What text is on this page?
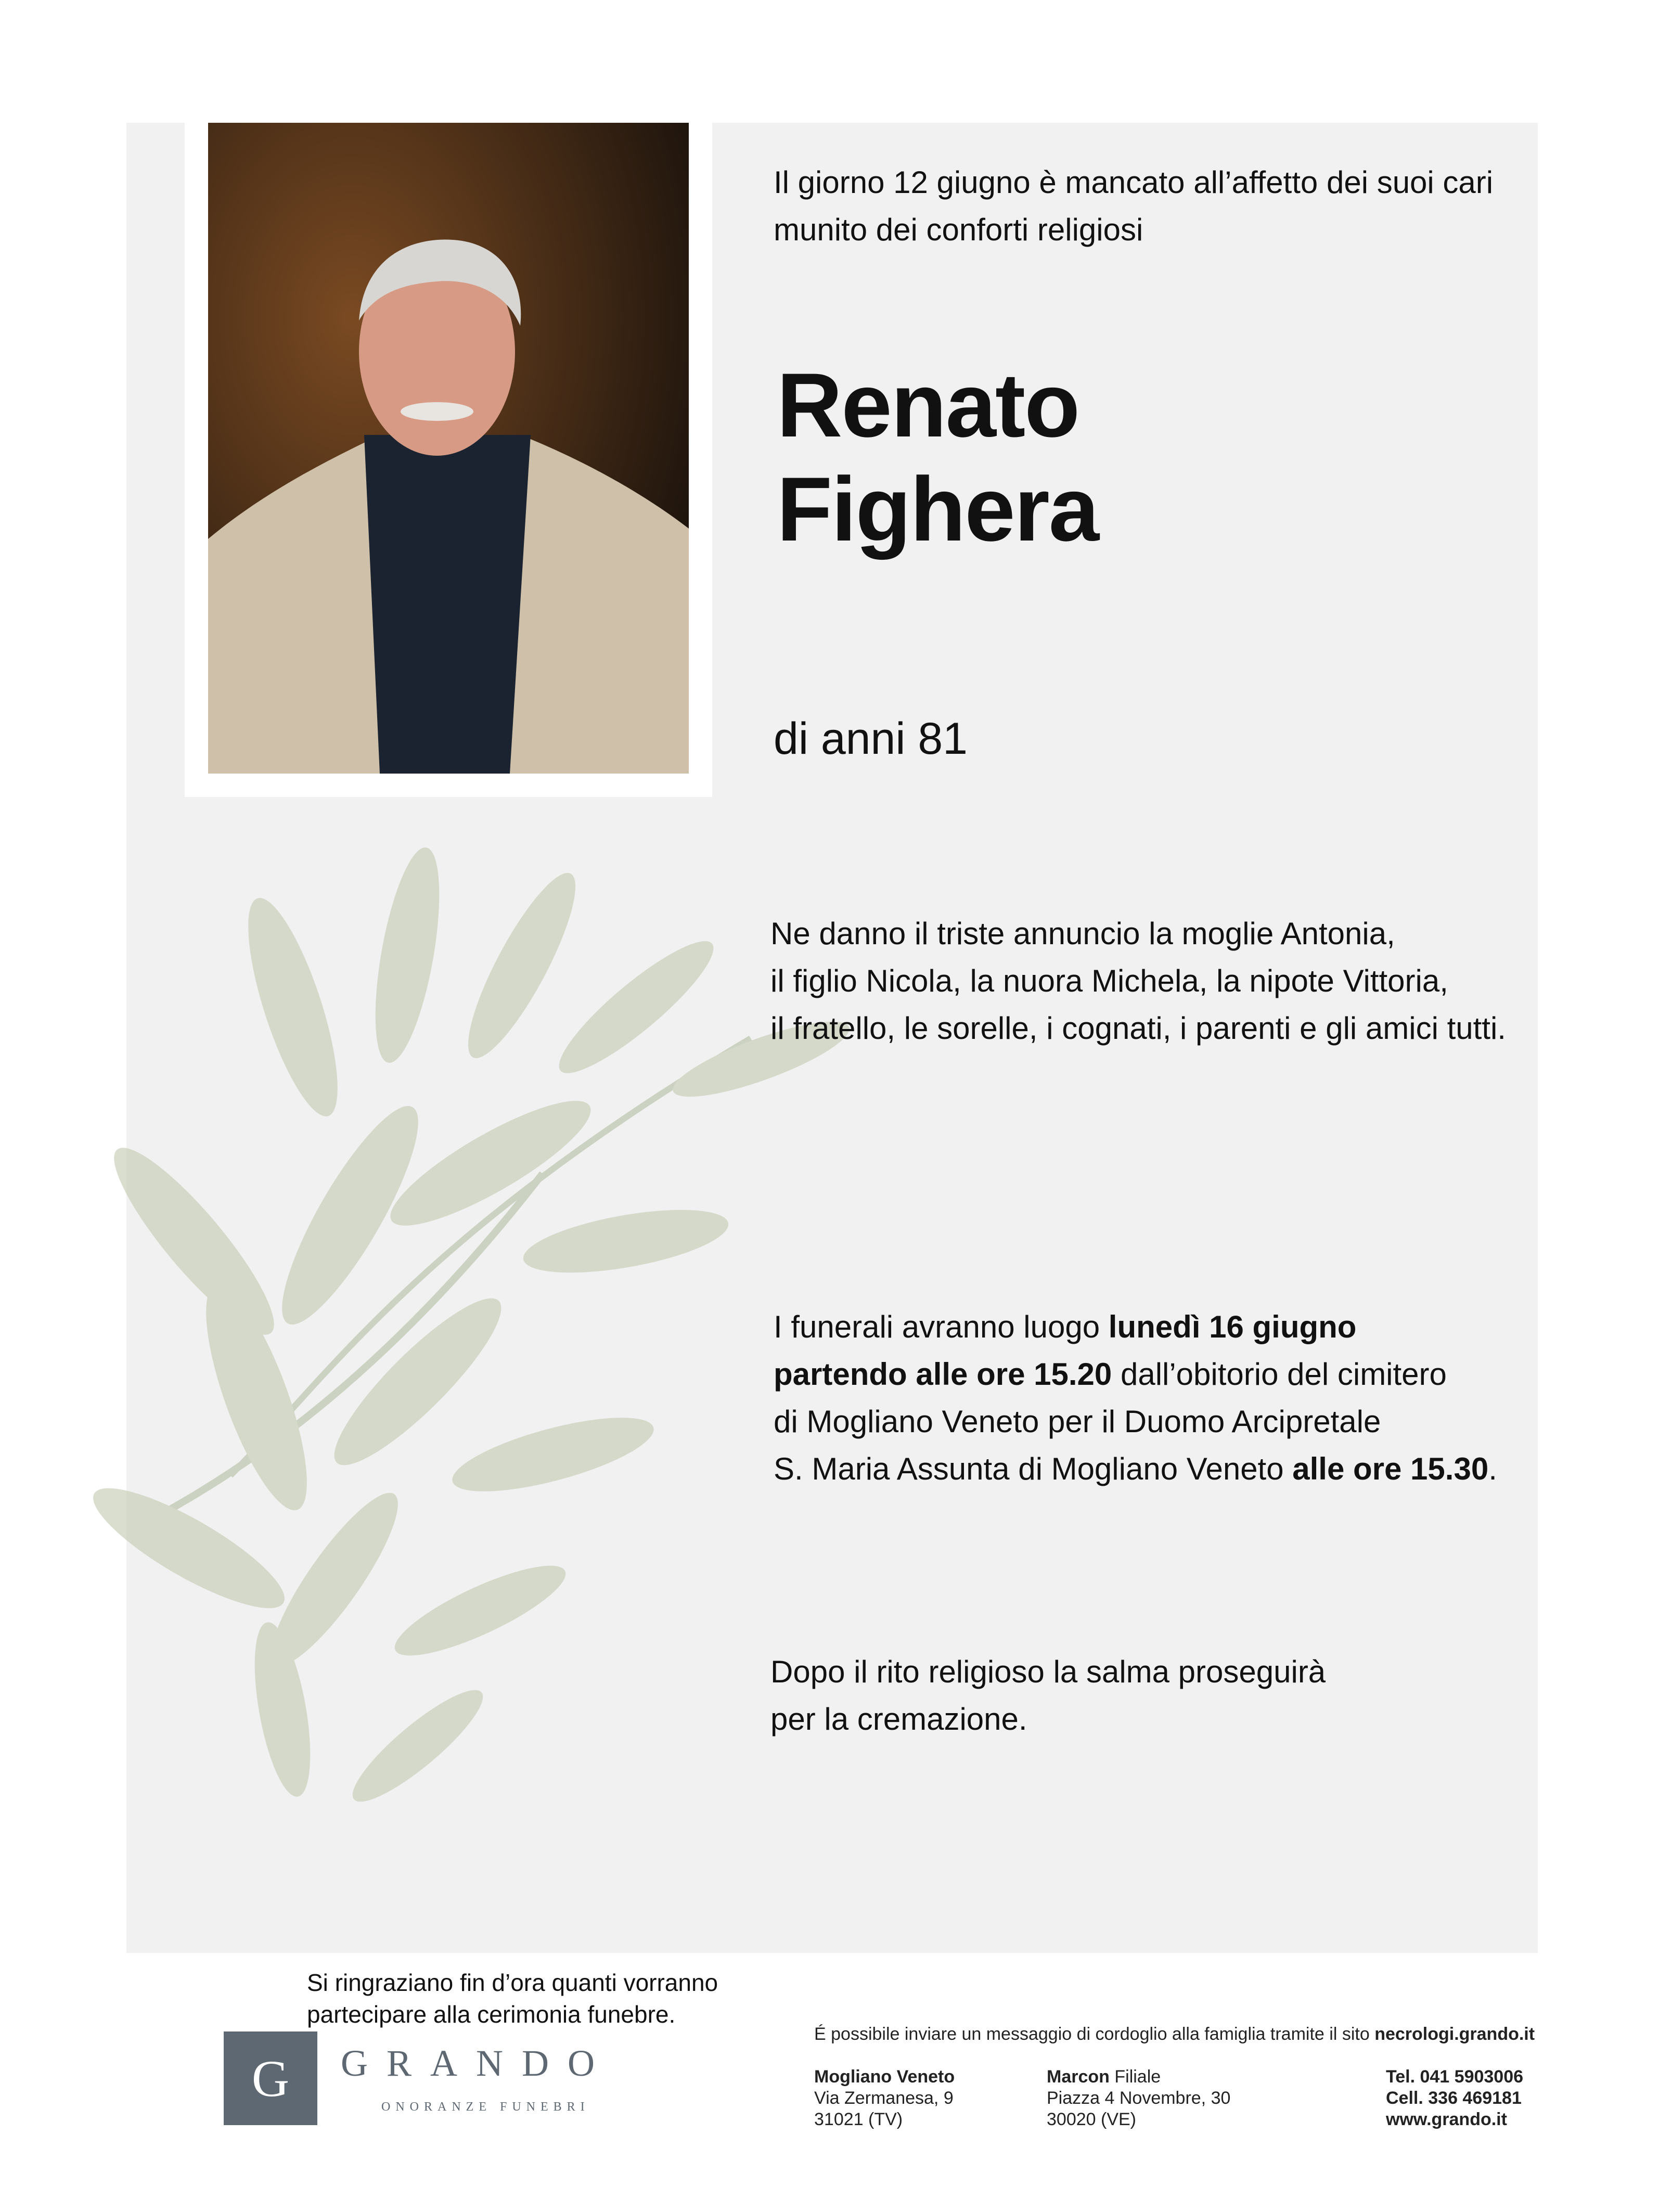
Si ringraziano fin d’ora quanti vorranno
partecipare alla cerimonia funebre.

Il giorno 12 giugno è mancato all’affetto dei suoi cari
munito dei conforti religiosi

Renato
Fighera

di anni 81

Ne danno il triste annuncio la moglie Antonia,
il figlio Nicola, la nuora Michela, la nipote Vittoria,
il fratello, le sorelle, i cognati, i parenti e gli amici tutti.

I funerali avranno luogo lunedì 16 giugno
partendo alle ore 15.20 dall’obitorio del cimitero
di Mogliano Veneto per il Duomo Arcipretale
S. Maria Assunta di Mogliano Veneto alle ore 15.30.

Dopo il rito religioso la salma proseguirà
per la cremazione.

G	GRANDO
ONORANZE FUNEBRI
É possibile inviare un messaggio di cordoglio alla famiglia tramite il sito necrologi.grando.it
Mogliano Veneto
Via Zermanesa, 9
31021 (TV)
Marcon Filiale
Piazza 4 Novembre, 30
30020 (VE)
Tel. 041 5903006
Cell. 336 469181
www.grando.it
